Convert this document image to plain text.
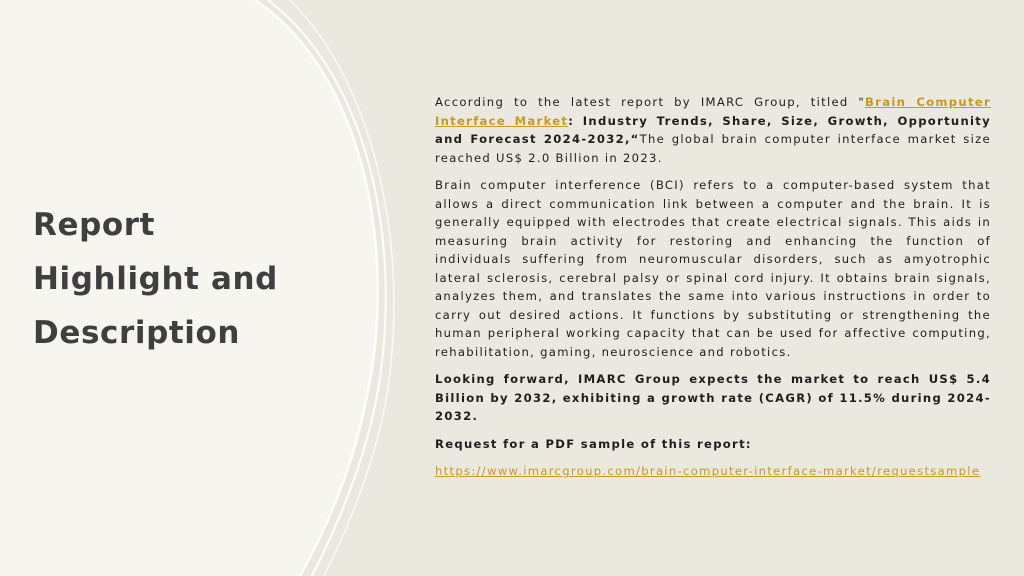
Report
Highlight and
Description

According to the latest report by IMARC Group, titled "Brain Computer Interface Market: Industry Trends, Share, Size, Growth, Opportunity and Forecast 2024-2032,“The global brain computer interface market size reached US$ 2.0 Billion in 2023.

Brain computer interference (BCI) refers to a computer-based system that allows a direct communication link between a computer and the brain. It is generally equipped with electrodes that create electrical signals. This aids in measuring brain activity for restoring and enhancing the function of individuals suffering from neuromuscular disorders, such as amyotrophic lateral sclerosis, cerebral palsy or spinal cord injury. It obtains brain signals, analyzes them, and translates the same into various instructions in order to carry out desired actions. It functions by substituting or strengthening the human peripheral working capacity that can be used for affective computing, rehabilitation, gaming, neuroscience and robotics.

Looking forward, IMARC Group expects the market to reach US$ 5.4 Billion by 2032, exhibiting a growth rate (CAGR) of 11.5% during 2024-2032.

Request for a PDF sample of this report:

https://www.imarcgroup.com/brain-computer-interface-market/requestsample
